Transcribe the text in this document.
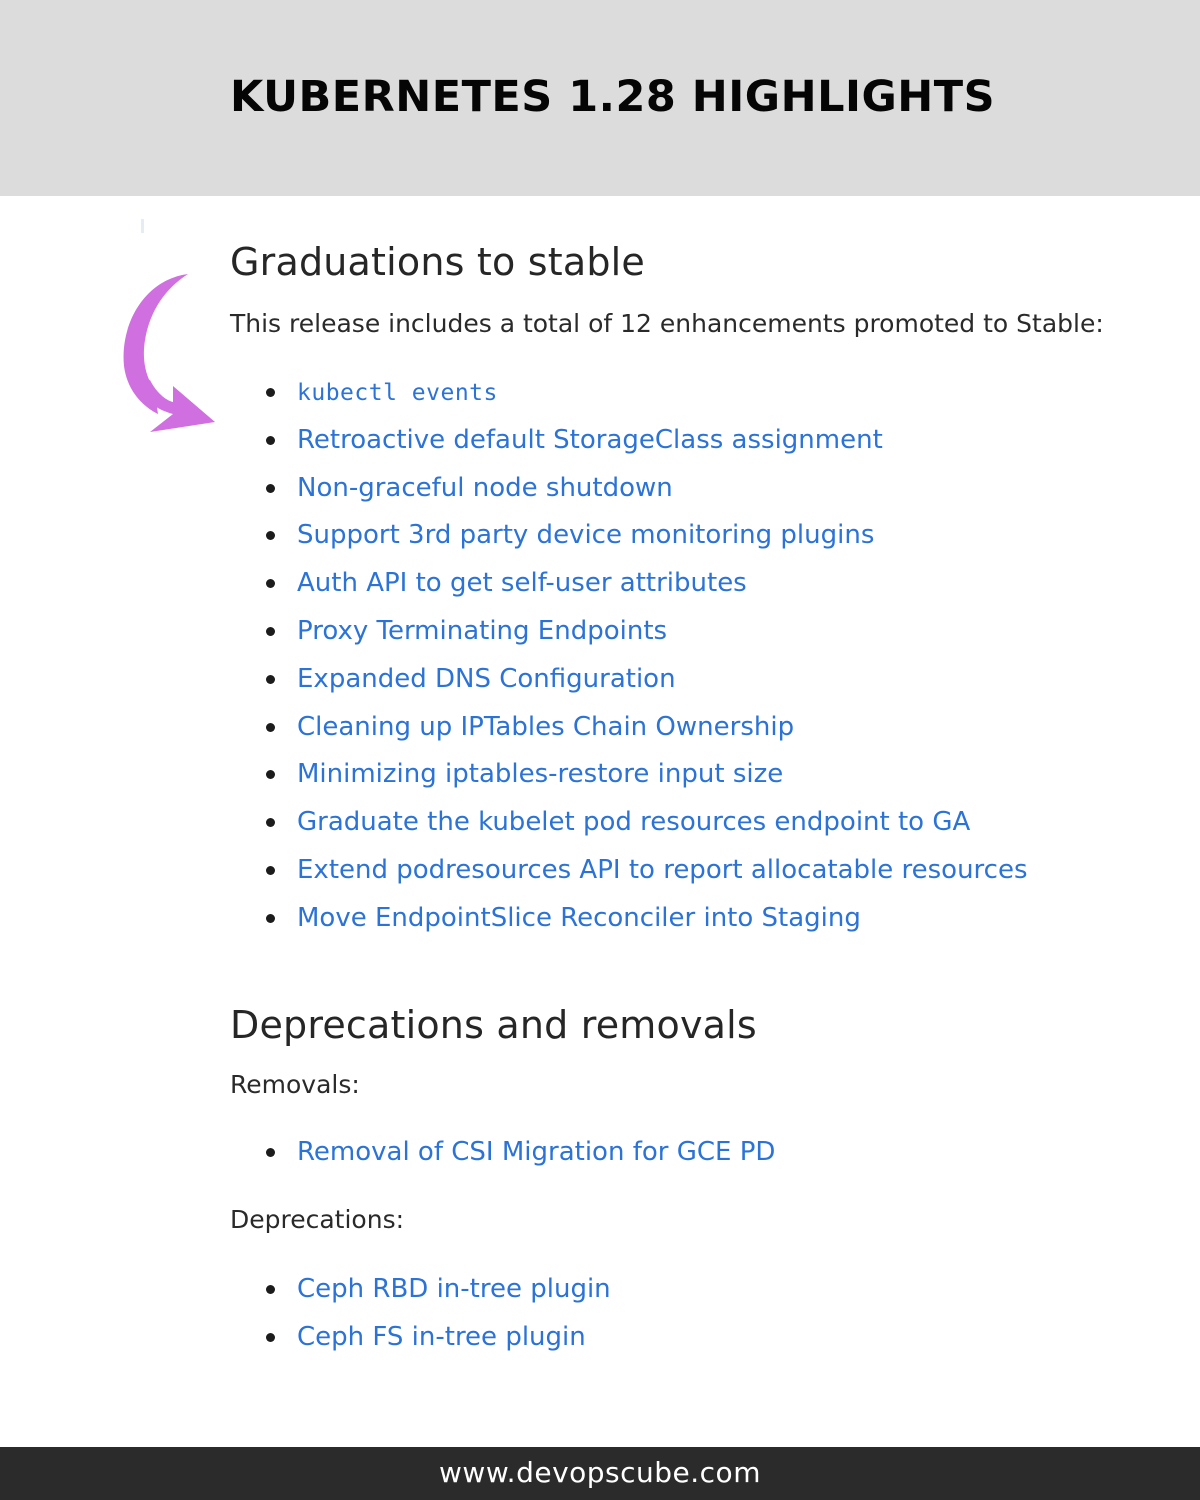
KUBERNETES 1.28 HIGHLIGHTS
Graduations to stable

This release includes a total of 12 enhancements promoted to Stable:

kubectl events
Retroactive default StorageClass assignment
Non-graceful node shutdown
Support 3rd party device monitoring plugins
Auth API to get self-user attributes
Proxy Terminating Endpoints
Expanded DNS Configuration
Cleaning up IPTables Chain Ownership
Minimizing iptables-restore input size
Graduate the kubelet pod resources endpoint to GA
Extend podresources API to report allocatable resources
Move EndpointSlice Reconciler into Staging
Deprecations and removals

Removals:

Removal of CSI Migration for GCE PD

Deprecations:

Ceph RBD in-tree plugin
Ceph FS in-tree plugin
www.devopscube.com
